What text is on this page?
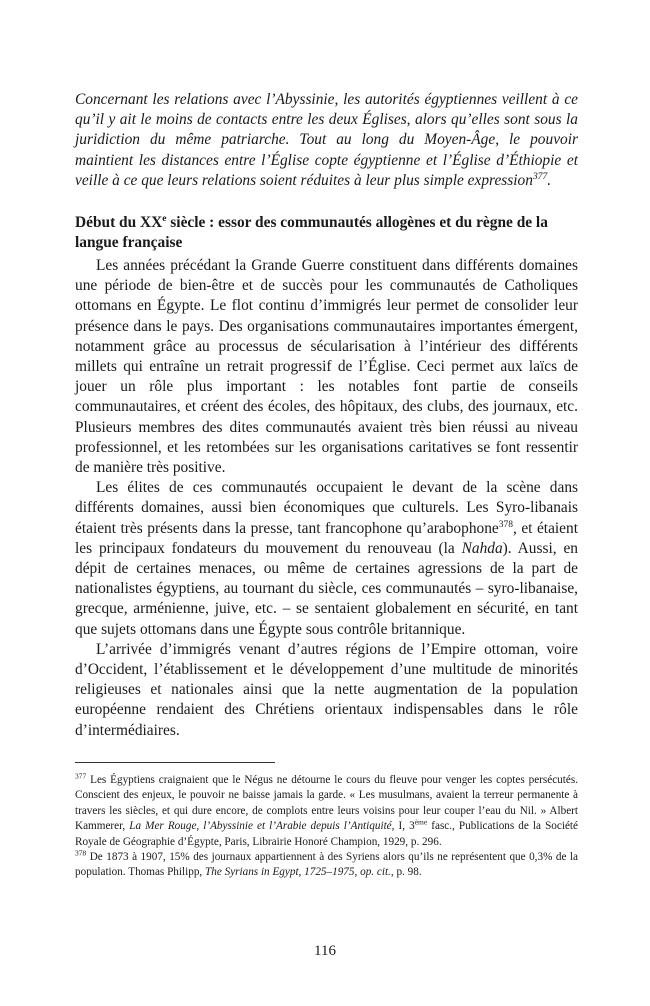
Concernant les relations avec l’Abyssinie, les autorités égyptiennes veillent à ce qu’il y ait le moins de contacts entre les deux Églises, alors qu’elles sont sous la juridiction du même patriarche. Tout au long du Moyen-Âge, le pouvoir maintient les distances entre l’Église copte égyptienne et l’Église d’Éthiopie et veille à ce que leurs relations soient réduites à leur plus simple expression$^{377}$.

Début du XXe siècle : essor des communautés allogènes et du règne de la langue française

Les années précédant la Grande Guerre constituent dans différents domaines une période de bien-être et de succès pour les communautés de Catholiques ottomans en Égypte. Le flot continu d’immigrés leur permet de consolider leur présence dans le pays. Des organisations communautaires importantes émergent, notamment grâce au processus de sécularisation à l’intérieur des différents millets qui entraîne un retrait progressif de l’Église. Ceci permet aux laïcs de jouer un rôle plus important : les notables font partie de conseils communautaires, et créent des écoles, des hôpitaux, des clubs, des journaux, etc. Plusieurs membres des dites communautés avaient très bien réussi au niveau professionnel, et les retombées sur les organisations caritatives se font ressentir de manière très positive.

Les élites de ces communautés occupaient le devant de la scène dans différents domaines, aussi bien économiques que culturels. Les Syro-libanais étaient très présents dans la presse, tant francophone qu’arabophone$^{378}$, et étaient les principaux fondateurs du mouvement du renouveau (la Nahda). Aussi, en dépit de certaines menaces, ou même de certaines agressions de la part de nationalistes égyptiens, au tournant du siècle, ces communautés – syro-libanaise, grecque, arménienne, juive, etc. – se sentaient globalement en sécurité, en tant que sujets ottomans dans une Égypte sous contrôle britannique.

L’arrivée d’immigrés venant d’autres régions de l’Empire ottoman, voire d’Occident, l’établissement et le développement d’une multitude de minorités religieuses et nationales ainsi que la nette augmentation de la population européenne rendaient des Chrétiens orientaux indispensables dans le rôle d’intermédiaires.

$^{377}$ Les Égyptiens craignaient que le Négus ne détourne le cours du fleuve pour venger les coptes persécutés. Conscient des enjeux, le pouvoir ne baisse jamais la garde. « Les musulmans, avaient la terreur permanente à travers les siècles, et qui dure encore, de complots entre leurs voisins pour leur couper l’eau du Nil. » Albert Kammerer, La Mer Rouge, l’Abyssinie et l’Arabie depuis l’Antiquité, I, 3ème fasc., Publications de la Société Royale de Géographie d’Égypte, Paris, Librairie Honoré Champion, 1929, p. 296.

$^{378}$ De 1873 à 1907, 15% des journaux appartiennent à des Syriens alors qu’ils ne représentent que 0,3% de la population. Thomas Philipp, The Syrians in Egypt, 1725–1975, op. cit., p. 98.

116
